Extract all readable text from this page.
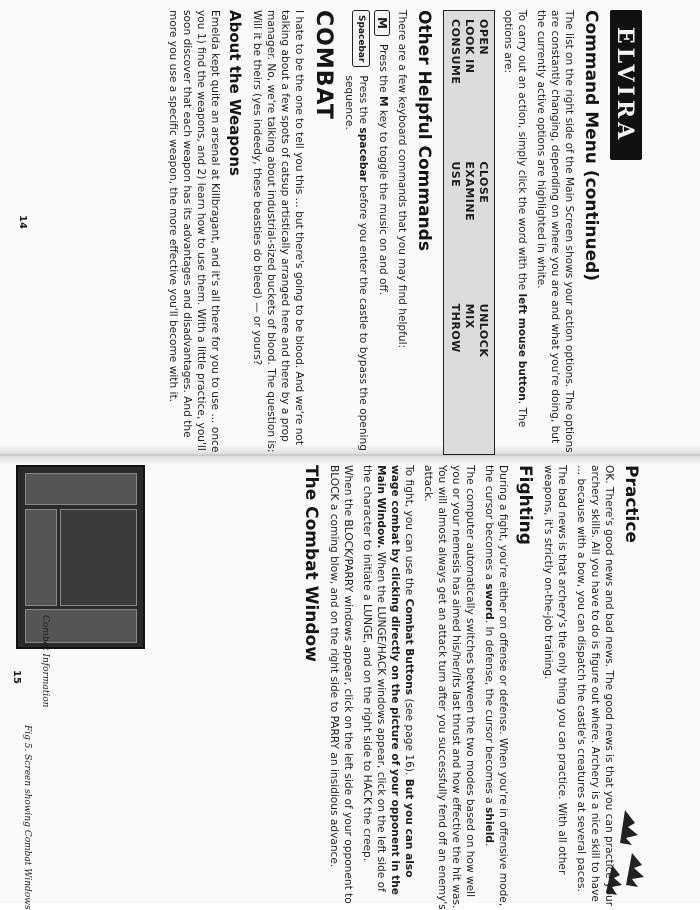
ELVIRA
Command Menu (continued)

The list on the right side of the Main Screen shows your action options. The options are constantly changing, depending on where you are and what you're doing, but the currently active options are highlighted in white.

To carry out an action, simply click the word with the left mouse button. The options are:

OPEN
CLOSE
UNLOCK
LOOK IN
EXAMINE
MIX
CONSUME
USE
THROW
Other Helpful Commands

There are a few keyboard commands that you may find helpful:

M
Press the M key to toggle the music on and off.
Spacebar
Press the spacebar before you enter the castle to bypass the opening sequence.
COMBAT

I hate to be the one to tell you this ... but there's going to be blood. And we're not talking about a few spots of catsup artistically arranged here and there by a prop manager. No, we're talking about industrial-sized buckets of blood. The question is: Will it be theirs (yes indeedy, these beasties do bleed) — or yours?

About the Weapons

Emelda kept quite an arsenal at Killbragant, and it's all there for you to use ... once you 1) find the weapons, and 2) learn how to use them. With a little practice, you'll soon discover that each weapon has its advantages and disadvantages. And the more you use a specific weapon, the more effective you'll become with it.

14
Practice

OK. There's good news and bad news. The good news is that you can practice your archery skills. All you have to do is figure out where. Archery is a nice skill to have ... because with a bow, you can dispatch the castle's creatures at several paces.

The bad news is that archery's the only thing you can practice. With all other weapons, it's strictly on-the-job training.

Fighting

During a fight, you're either on offense or defense. When you're in offensive mode, the cursor becomes a sword. In defense, the cursor becomes a shield.

The computer automatically switches between the two modes based on how well you or your nemesis has aimed his/her/its last thrust and how effective the hit was. You will almost always get an attack turn after you successfully fend off an enemy's attack.

To fight, you can use the Combat Buttons (see page 16). But you can also wage combat by clicking directly on the picture of your opponent in the Main Window. When the LUNGE/HACK windows appear, click on the left side of the character to initiate a LUNGE, and on the right side to HACK the creep.

When the BLOCK/PARRY windows appear, click on the left side of your opponent to BLOCK a coming blow, and on the right side to PARRY an insidious advance.

The Combat Window
Combat Information
Fig 5. Screen showing Combat Windows
15
